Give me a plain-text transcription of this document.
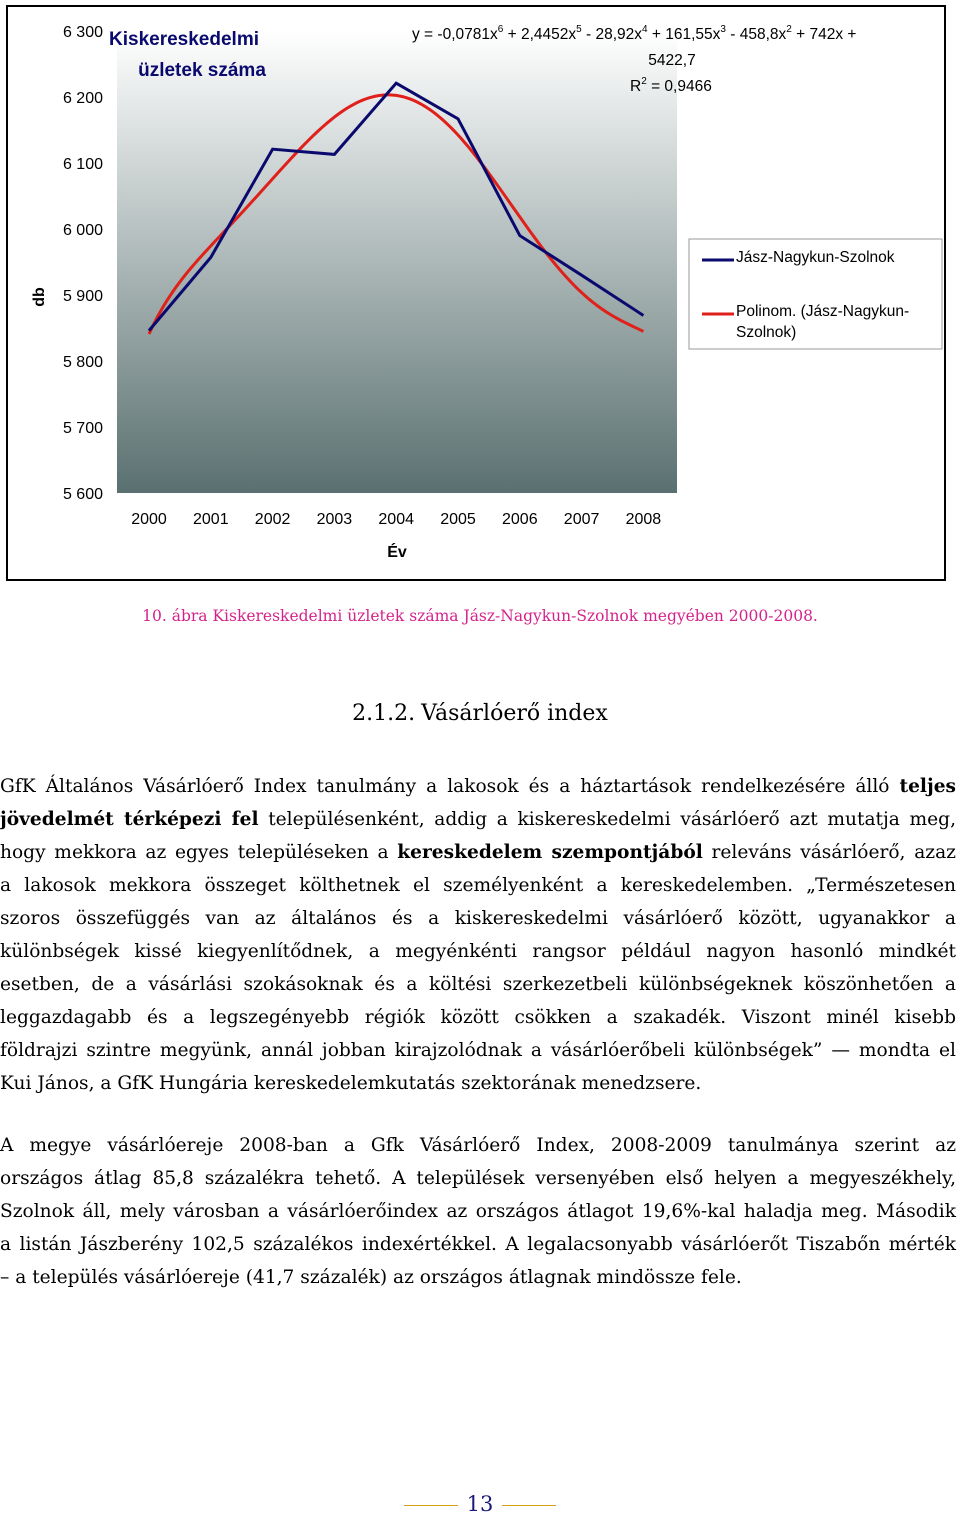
Kiskereskedelmi
üzletek száma
$y = -0,0781x^6 + 2,4452x^5 - 28,92x^4 + 161,55x^3 - 458,8x^2 + 742x$ +
5422,7
$R^2 = 0,9466$
db
5 600
5 700
5 800
5 900
6 000
6 100
6 200
6 300
2000 2001 2002 2003 2004 2005 2006 2007 2008
Év
Jász-Nagykun-Szolnok
Polinom. (Jász-Nagykun-
Szolnok)
10. ábra Kiskereskedelmi üzletek száma Jász-Nagykun-Szolnok megyében 2000-2008.
2.1.2. Vásárlóerő index
GfK Általános Vásárlóerő Index tanulmány a lakosok és a háztartások rendelkezésére álló teljes
jövedelmét térképezi fel településenként, addig a kiskereskedelmi vásárlóerő azt mutatja meg,
hogy mekkora az egyes településeken a kereskedelem szempontjából releváns vásárlóerő, azaz
a lakosok mekkora összeget költhetnek el személyenként a kereskedelemben. „Természetesen
szoros összefüggés van az általános és a kiskereskedelmi vásárlóerő között, ugyanakkor a
különbségek kissé kiegyenlítődnek, a megyénkénti rangsor például nagyon hasonló mindkét
esetben, de a vásárlási szokásoknak és a költési szerkezetbeli különbségeknek köszönhetően a
leggazdagabb és a legszegényebb régiók között csökken a szakadék. Viszont minél kisebb
földrajzi szintre megyünk, annál jobban kirajzolódnak a vásárlóerőbeli különbségek” — mondta el
Kui János, a GfK Hungária kereskedelemkutatás szektorának menedzsere.
A megye vásárlóereje 2008-ban a Gfk Vásárlóerő Index, 2008-2009 tanulmánya szerint az
országos átlag 85,8 százalékra tehető. A települések versenyében első helyen a megyeszékhely,
Szolnok áll, mely városban a vásárlóerőindex az országos átlagot 19,6%-kal haladja meg. Második
a listán Jászberény 102,5 százalékos indexértékkel. A legalacsonyabb vásárlóerőt Tiszabőn mérték
– a település vásárlóereje (41,7 százalék) az országos átlagnak mindössze fele.
13
